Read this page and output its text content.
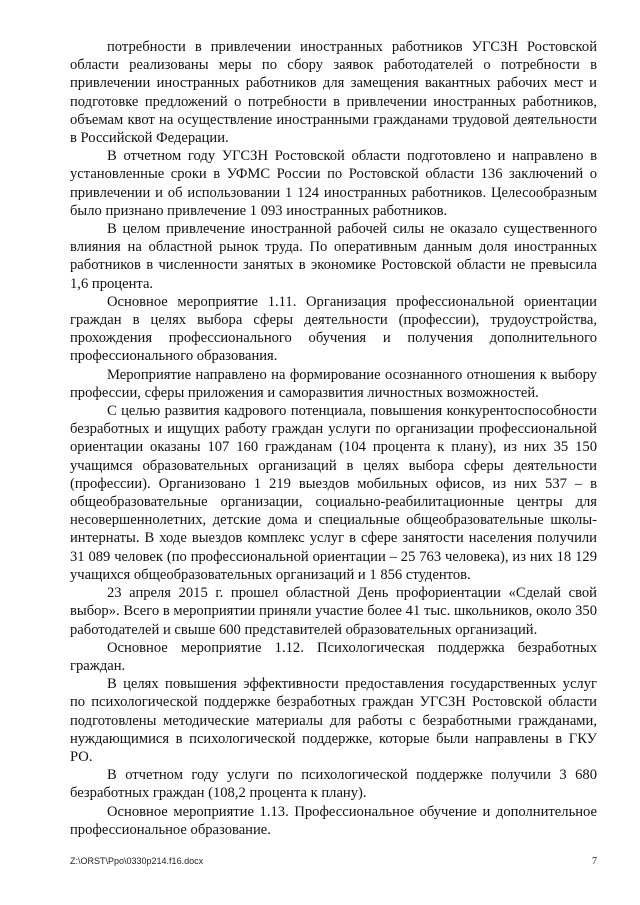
потребности в привлечении иностранных работников УГСЗН Ростовской области реализованы меры по сбору заявок работодателей о потребности в привлечении иностранных работников для замещения вакантных рабочих мест и подготовке предложений о потребности в привлечении иностранных работников, объемам квот на осуществление иностранными гражданами трудовой деятельности в Российской Федерации.

В отчетном году УГСЗН Ростовской области подготовлено и направлено в установленные сроки в УФМС России по Ростовской области 136 заключений о привлечении и об использовании 1 124 иностранных работников. Целесообразным было признано привлечение 1 093 иностранных работников.

В целом привлечение иностранной рабочей силы не оказало существенного влияния на областной рынок труда. По оперативным данным доля иностранных работников в численности занятых в экономике Ростовской области не превысила 1,6 процента.

Основное мероприятие 1.11. Организация профессиональной ориентации граждан в целях выбора сферы деятельности (профессии), трудоустройства, прохождения профессионального обучения и получения дополнительного профессионального образования.

Мероприятие направлено на формирование осознанного отношения к выбору профессии, сферы приложения и саморазвития личностных возможностей.

С целью развития кадрового потенциала, повышения конкурентоспособности безработных и ищущих работу граждан услуги по организации профессиональной ориентации оказаны 107 160 гражданам (104 процента к плану), из них 35 150 учащимся образовательных организаций в целях выбора сферы деятельности (профессии). Организовано 1 219 выездов мобильных офисов, из них 537 – в общеобразовательные организации, социально-реабилитационные центры для несовершеннолетних, детские дома и специальные общеобразовательные школы-интернаты. В ходе выездов комплекс услуг в сфере занятости населения получили 31 089 человек (по профессиональной ориентации – 25 763 человека), из них 18 129 учащихся общеобразовательных организаций и 1 856 студентов.

23 апреля 2015 г. прошел областной День профориентации «Сделай свой выбор». Всего в мероприятии приняли участие более 41 тыс. школьников, около 350 работодателей и свыше 600 представителей образовательных организаций.

Основное мероприятие 1.12. Психологическая поддержка безработных граждан.

В целях повышения эффективности предоставления государственных услуг по психологической поддержке безработных граждан УГСЗН Ростовской области подготовлены методические материалы для работы с безработными гражданами, нуждающимися в психологической поддержке, которые были направлены в ГКУ РО.

В отчетном году услуги по психологической поддержке получили 3 680 безработных граждан (108,2 процента к плану).

Основное мероприятие 1.13. Профессиональное обучение и дополнительное профессиональное образование.

Z:\ORST\Ppo\0330p214.f16.docx	7
